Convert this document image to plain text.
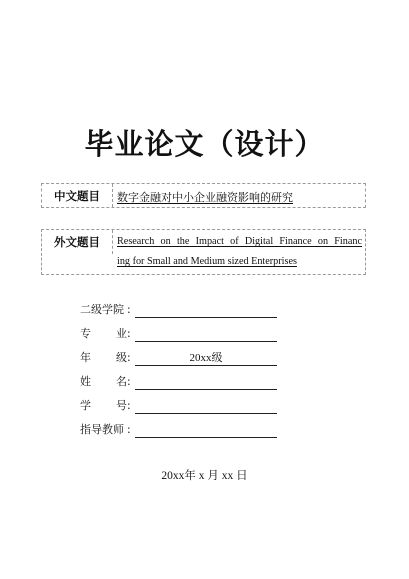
毕业论文（设计）
中文题目	数字金融对中小企业融资影响的研究
外文题目	Research on the Impact of Digital Finance on Financ
ing for Small and Medium sized Enterprises
二级学院 :
专业 :
年级 :	20xx级
姓名 :
学号 :
指导教师 :
20xx年 x 月 xx 日
